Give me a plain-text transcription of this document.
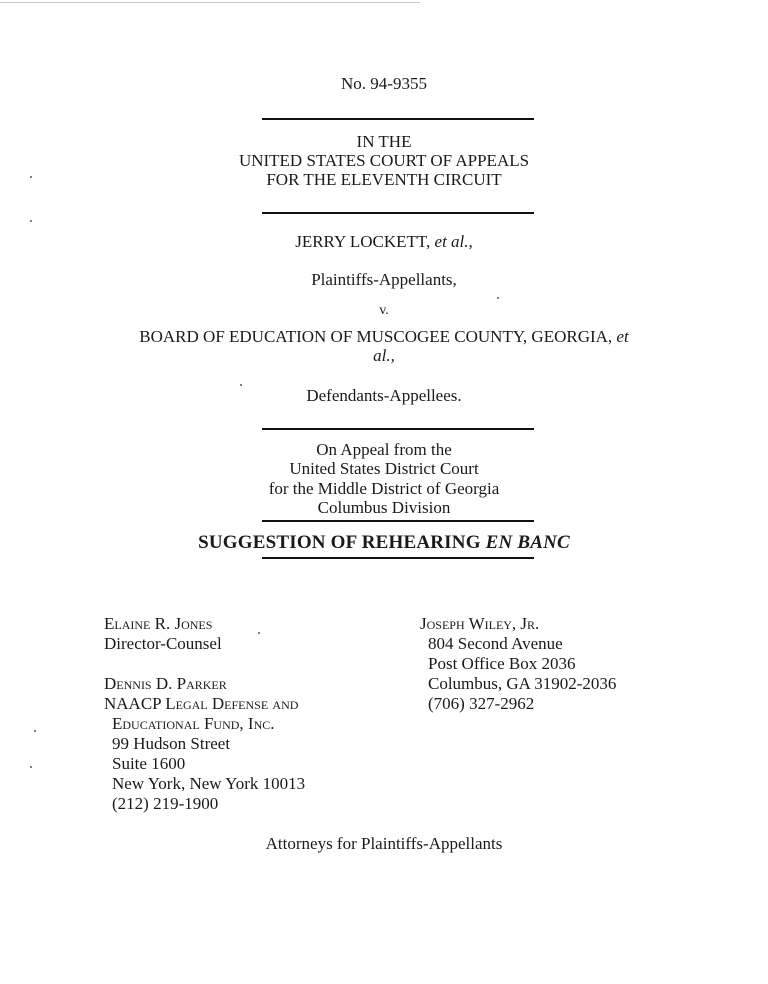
No. 94-9355
IN THE
UNITED STATES COURT OF APPEALS
FOR THE ELEVENTH CIRCUIT
JERRY LOCKETT, et al.,
Plaintiffs-Appellants,
v.
BOARD OF EDUCATION OF MUSCOGEE COUNTY, GEORGIA, et
al.,
Defendants-Appellees.
On Appeal from the
United States District Court
for the Middle District of Georgia
Columbus Division
SUGGESTION OF REHEARING EN BANC
Elaine R. Jones
Director-Counsel
Dennis D. Parker
NAACP Legal Defense and
Educational Fund, Inc.
99 Hudson Street
Suite 1600
New York, New York 10013
(212) 219-1900
Joseph Wiley, Jr.
804 Second Avenue
Post Office Box 2036
Columbus, GA 31902-2036
(706) 327-2962
Attorneys for Plaintiffs-Appellants
